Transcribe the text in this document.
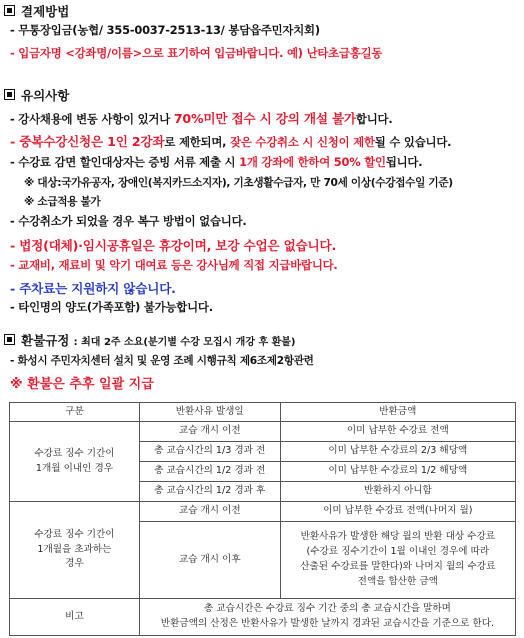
결제방법
- 무통장입금(농협/ 355-0037-2513-13/ 봉담읍주민자치회)
- 입금자명 <강좌명/이름>으로 표기하여 입금바랍니다. 예) 난타초급홍길동
유의사항
- 강사채용에 변동 사항이 있거나 70%미만 접수 시 강의 개설 불가합니다.
- 중복수강신청은 1인 2강좌로 제한되며, 잦은 수강취소 시 신청이 제한될 수 있습니다.
- 수강료 감면 할인대상자는 증빙 서류 제출 시 1개 강좌에 한하여 50% 할인됩니다.
※ 대상:국가유공자, 장애인(복지카드소지자), 기초생활수급자, 만 70세 이상(수강접수일 기준)
※ 소급적용 불가
- 수강취소가 되었을 경우 복구 방법이 없습니다.
- 법정(대체)·임시공휴일은 휴강이며, 보강 수업은 없습니다.
- 교재비, 재료비 및 악기 대여료 등은 강사님께 직접 지급바랍니다.
- 주차료는 지원하지 않습니다.
- 타인명의 양도(가족포함) 불가능합니다.
환불규정 : 최대 2주 소요(분기별 수강 모집시 개강 후 환불)
- 화성시 주민자치센터 설치 및 운영 조례 시행규칙 제6조제2항관련
※ 환불은 추후 일괄 지급
구분	반환사유 발생일	반환금액
수강료 징수 기간이
1개월 이내인 경우	교습 개시 이전	이미 납부한 수강료 전액
	총 교습시간의 1/3 경과 전	이미 납부한 수강료의 2/3 해당액
	총 교습시간의 1/2 경과 전	이미 납부한 수강료의 1/2 해당액
	총 교습시간의 1/2 경과 후	반환하지 아니함
수강료 징수 기간이
1개월을 초과하는
경우	교습 개시 이전	이미 납부한 수강료 전액(나머지 월)
	교습 개시 이후	반환사유가 발생한 해당 월의 반환 대상 수강료
(수강료 징수기간이 1월 이내인 경우에 따라
산출된 수강료를 말한다)와 나머지 월의 수강료
전액을 합산한 금액
비고	총 교습시간은 수강료 징수 기간 중의 총 교습시간을 말하며
반환금액의 산정은 반환사유가 발생한 날까지 경과된 교습시간을 기준으로 한다.	
